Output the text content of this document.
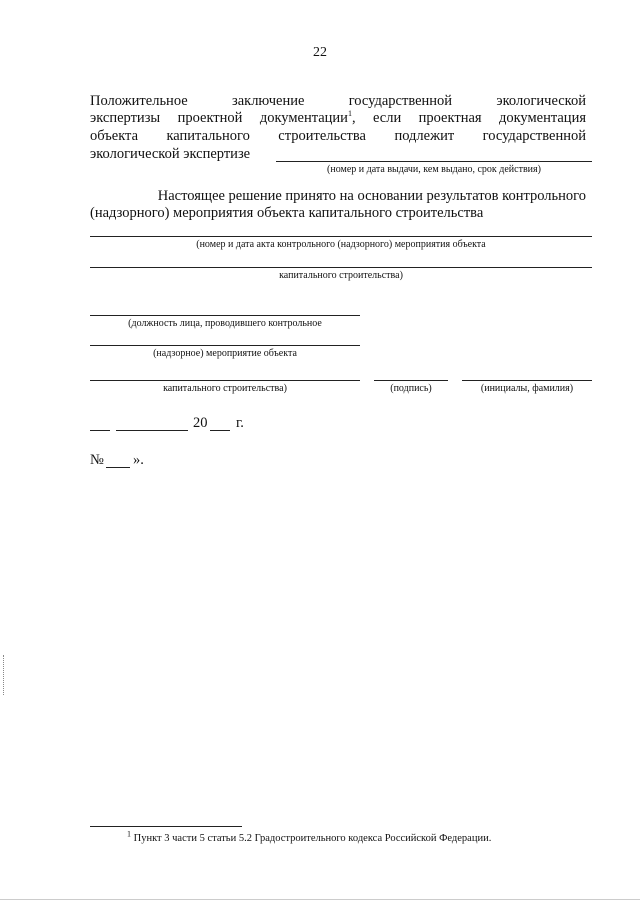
22
Положительное заключение государственной экологической
экспертизы проектной документации$^1$, если проектная документация
объекта капитального строительства подлежит государственной
экологической экспертизе
(номер и дата выдачи, кем выдано, срок действия)
Настоящее решение принято на основании результатов контрольного
(надзорного) мероприятия объекта капитального строительства
(номер и дата акта контрольного (надзорного) мероприятия объекта
капитального строительства)
(должность лица, проводившего контрольное
(надзорное) мероприятие объекта
капитального строительства)	(подпись)	(инициалы, фамилия)
20 г.
№ ».
$^1$ Пункт 3 части 5 статьи 5.2 Градостроительного кодекса Российской Федерации.
